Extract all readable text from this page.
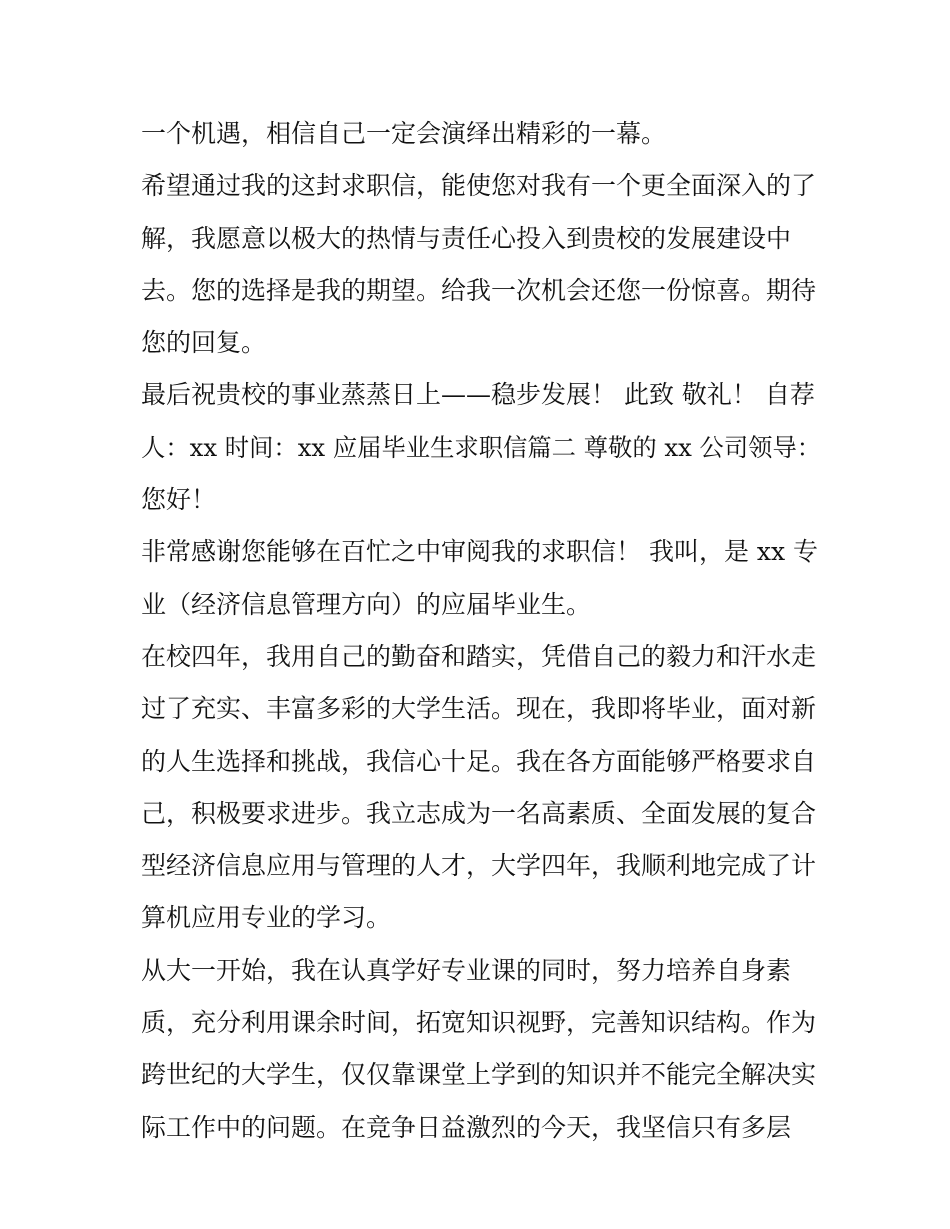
一个机遇，相信自己一定会演绎出精彩的一幕。
希望通过我的这封求职信，能使您对我有一个更全面深入的了
解，我愿意以极大的热情与责任心投入到贵校的发展建设中
去。您的选择是我的期望。给我一次机会还您一份惊喜。期待
您的回复。
最后祝贵校的事业蒸蒸日上——稳步发展！ 此致 敬礼！ 自荐
人：xx 时间：xx 应届毕业生求职信篇二 尊敬的 xx 公司领导：
您好！
非常感谢您能够在百忙之中审阅我的求职信！ 我叫，是 xx 专
业（经济信息管理方向）的应届毕业生。
在校四年，我用自己的勤奋和踏实，凭借自己的毅力和汗水走
过了充实、丰富多彩的大学生活。现在，我即将毕业，面对新
的人生选择和挑战，我信心十足。我在各方面能够严格要求自
己，积极要求进步。我立志成为一名高素质、全面发展的复合
型经济信息应用与管理的人才，大学四年，我顺利地完成了计
算机应用专业的学习。
从大一开始，我在认真学好专业课的同时，努力培养自身素
质，充分利用课余时间，拓宽知识视野，完善知识结构。作为
跨世纪的大学生，仅仅靠课堂上学到的知识并不能完全解决实
际工作中的问题。在竞争日益激烈的今天，我坚信只有多层
